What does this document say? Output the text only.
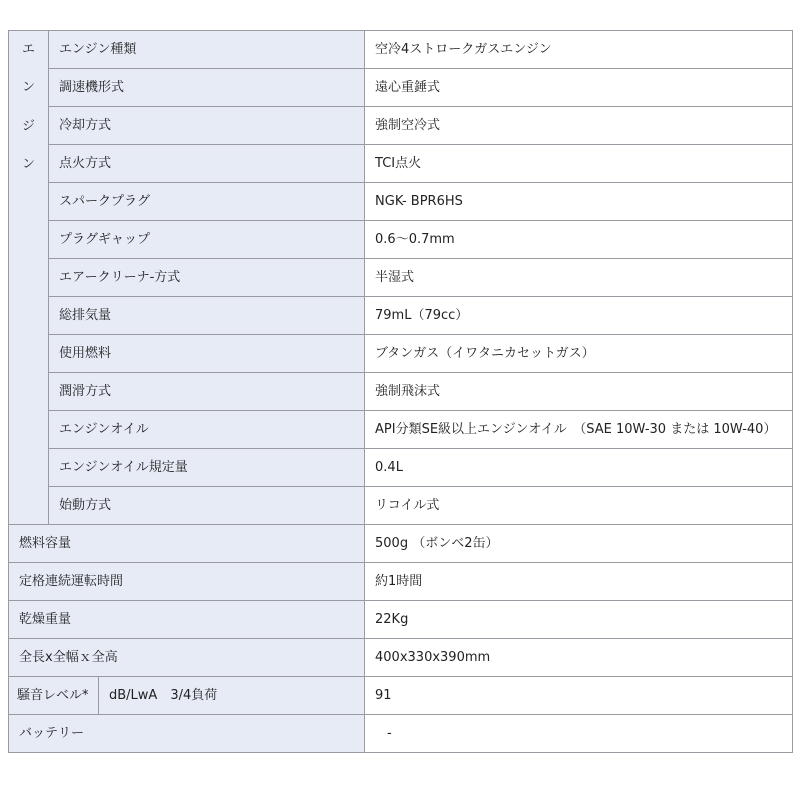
エ
ン
ジ
ン	エンジン種類		空冷4ストロークガスエンジン
	調速機形式		遠心重錘式
	冷却方式		強制空冷式
	点火方式		TCI点火
	スパークプラグ		NGK- BPR6HS
	プラグギャップ		0.6～0.7mm
	エアークリーナ-方式		半湿式
	総排気量		79mL（79cc）
	使用燃料		ブタンガス（イワタニカセットガス）
	潤滑方式		強制飛沫式
	エンジンオイル		API分類SE級以上エンジンオイル　（SAE 10W-30 または 10W-40）
	エンジンオイル規定量		0.4L
	始動方式		リコイル式
燃料容量			500g （ボンベ2缶）
定格連続運転時間			約1時間
乾燥重量			22Kg
全長x全幅ｘ全高			400x330x390mm
騒音レベル*		dB/LwA　3/4負荷	91
バッテリー			-
